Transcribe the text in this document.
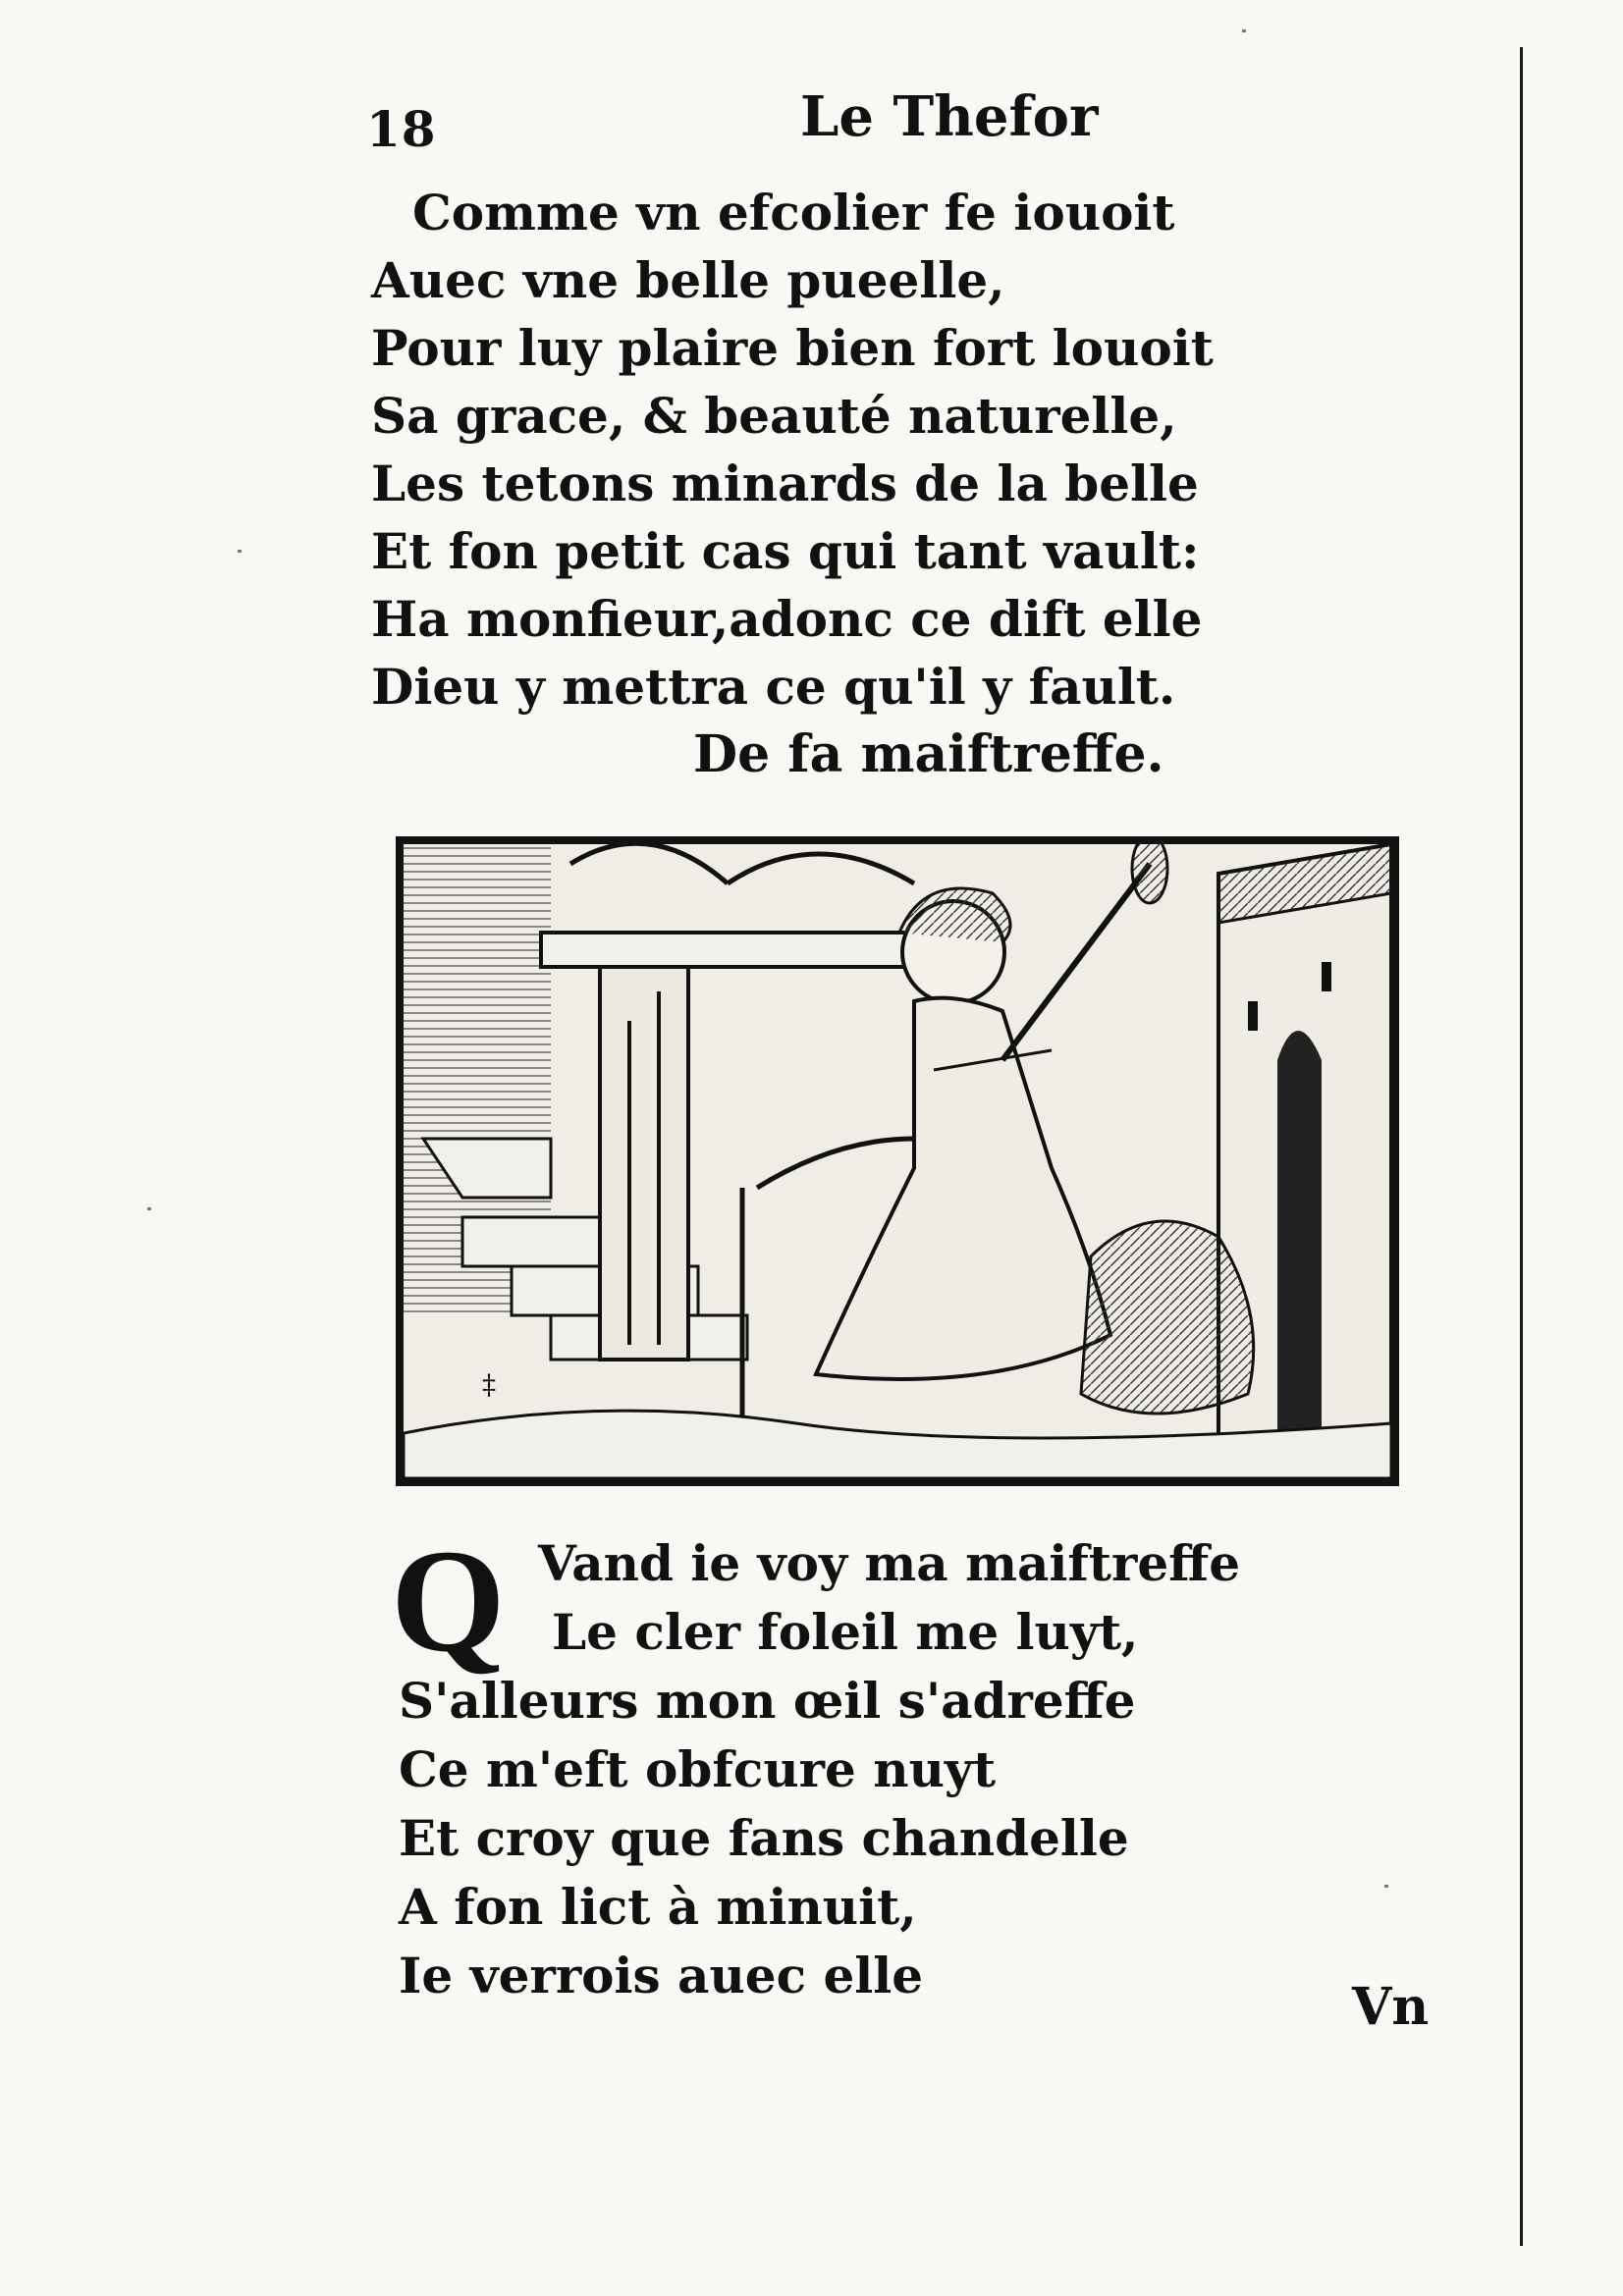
18	Le Thefor
Comme vn efcolier fe iouoit
Auec vne belle pueelle,
Pour luy plaire bien fort louoit
Sa grace, & beauté naturelle,
Les tetons minards de la belle
Et fon petit cas qui tant vault:
Ha monfieur,adonc ce dift elle
Dieu y mettra ce qu'il y fault.
De fa maiftreffe.
‡
Q Vand ie voy ma maiftreffe
Le cler foleil me luyt,
S'alleurs mon œil s'adreffe
Ce m'eft obfcure nuyt
Et croy que fans chandelle
A fon lict à minuit,
Ie verrois auec elle
Vn
